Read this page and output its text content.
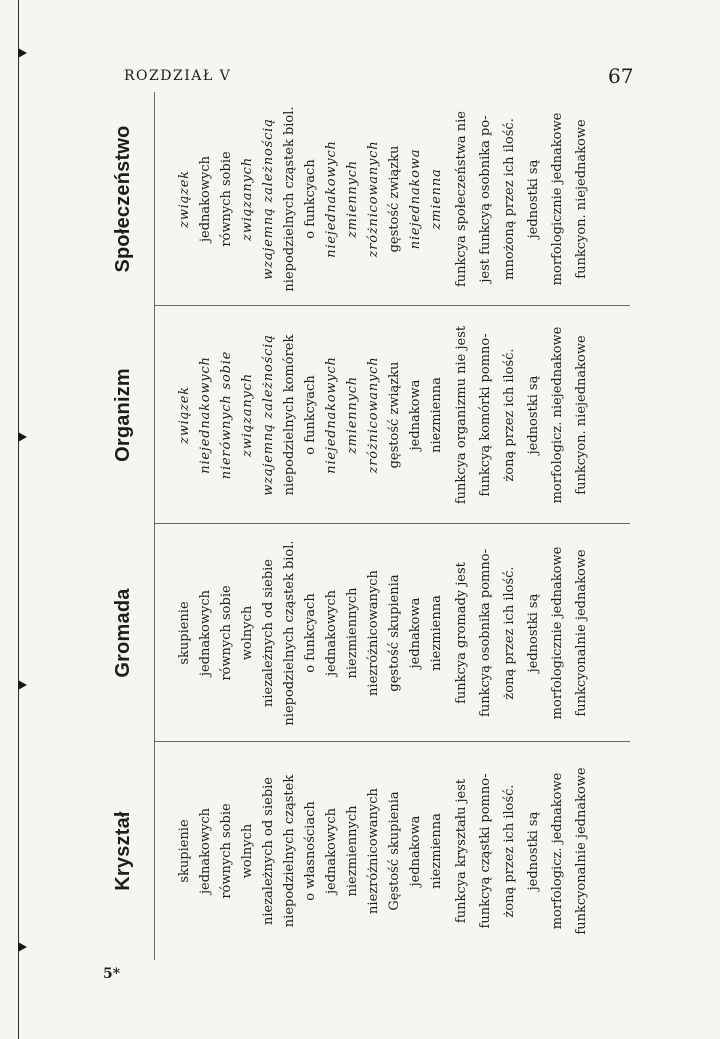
ROZDZIAŁ V	67
Kryształ	skupienie jednakowych równych sobie wolnych niezależnych od siebie niepodzielnych cząstek o własnościach jednakowych niezmiennych niezróżnicowanych Gęstość skupienia jednakowa niezmienna funkcya kryształu jest funkcyą cząstki pomno- żoną przez ich ilość. jednostki są morfologicz. jednakowe funkcyonalnie jednakowe
Gromada	skupienie jednakowych równych sobie wolnych niezależnych od siebie niepodzielnych cząstek biol. o funkcyach jednakowych niezmiennych niezróżnicowanych gęstość skupienia jednakowa niezmienna funkcya gromady jest funkcyą osobnika pomno- żoną przez ich ilość. jednostki są morfologicznie jednakowe funkcyonalnie jednakowe
Organizm	związek niejednakowych nierównych sobie związanych wzajemną zależnością niepodzielnych komórek o funkcyach niejednakowych zmiennych zróżnicowanych gęstość związku jednakowa niezmienna funkcya organizmu nie jest funkcyą komórki pomno- żoną przez ich ilość. jednostki są morfologicz. niejednakowe funkcyon. niejednakowe
Społeczeństwo	związek jednakowych równych sobie związanych wzajemną zależnością niepodzielnych cząstek biol. o funkcyach niejednakowych zmiennych zróżnicowanych gęstość związku niejednakowa zmienna funkcya społeczeństwa nie jest funkcyą osobnika po- mnożoną przez ich ilość. jednostki są morfologicznie jednakowe funkcyon. niejednakowe
5*
